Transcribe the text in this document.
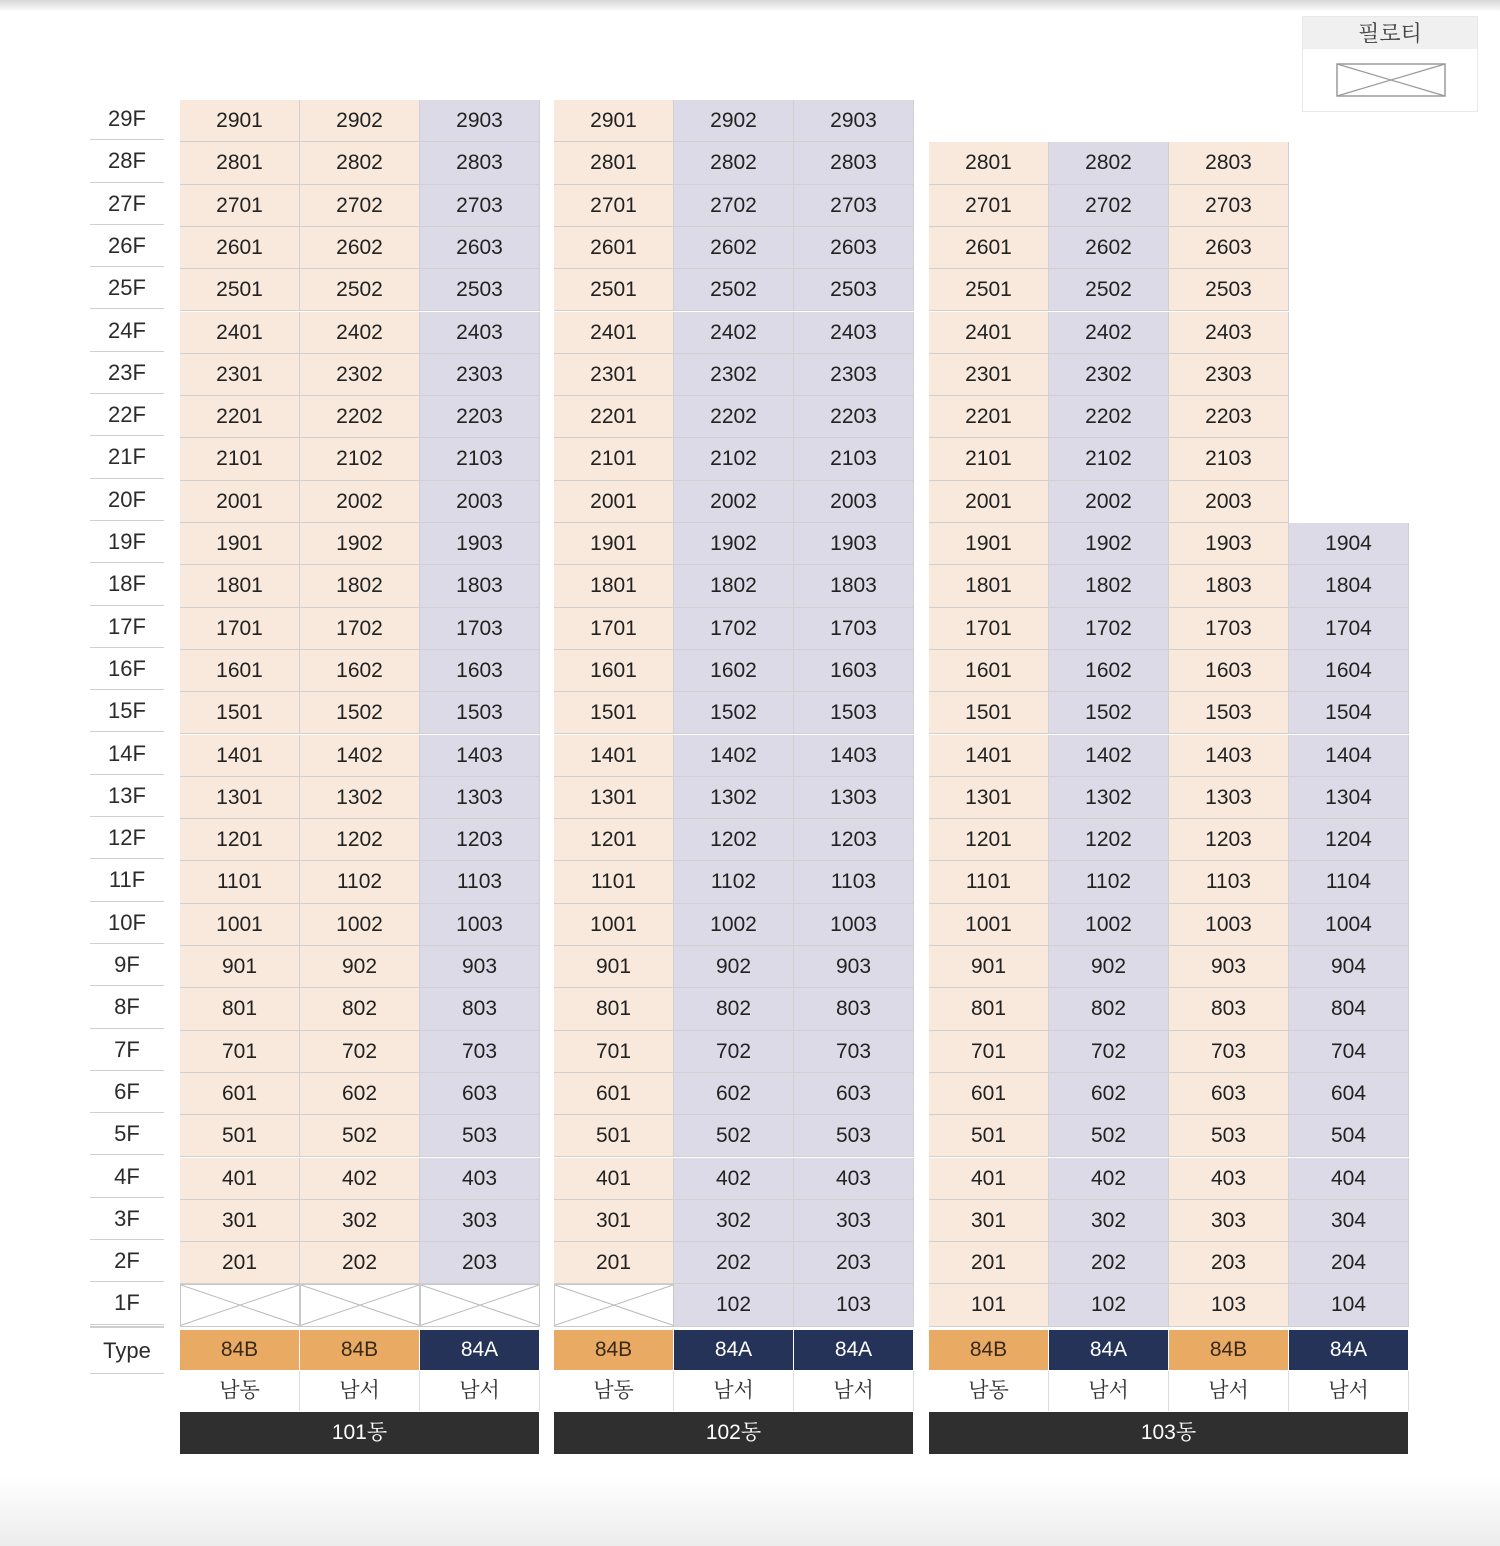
필로티
29F
28F
27F
26F
25F
24F
23F
22F
21F
20F
19F
18F
17F
16F
15F
14F
13F
12F
11F
10F
9F
8F
7F
6F
5F
4F
3F
2F
1F
2901
2801
2701
2601
2501
2401
2301
2201
2101
2001
1901
1801
1701
1601
1501
1401
1301
1201
1101
1001
901
801
701
601
501
401
301
201
84B
남동
2902
2802
2702
2602
2502
2402
2302
2202
2102
2002
1902
1802
1702
1602
1502
1402
1302
1202
1102
1002
902
802
702
602
502
402
302
202
84B
남서
2903
2803
2703
2603
2503
2403
2303
2203
2103
2003
1903
1803
1703
1603
1503
1403
1303
1203
1103
1003
903
803
703
603
503
403
303
203
84A
남서
101동
2901
2801
2701
2601
2501
2401
2301
2201
2101
2001
1901
1801
1701
1601
1501
1401
1301
1201
1101
1001
901
801
701
601
501
401
301
201
84B
남동
2902
2802
2702
2602
2502
2402
2302
2202
2102
2002
1902
1802
1702
1602
1502
1402
1302
1202
1102
1002
902
802
702
602
502
402
302
202
102
84A
남서
2903
2803
2703
2603
2503
2403
2303
2203
2103
2003
1903
1803
1703
1603
1503
1403
1303
1203
1103
1003
903
803
703
603
503
403
303
203
103
84A
남서
102동
2801
2701
2601
2501
2401
2301
2201
2101
2001
1901
1801
1701
1601
1501
1401
1301
1201
1101
1001
901
801
701
601
501
401
301
201
101
84B
남동
2802
2702
2602
2502
2402
2302
2202
2102
2002
1902
1802
1702
1602
1502
1402
1302
1202
1102
1002
902
802
702
602
502
402
302
202
102
84A
남서
2803
2703
2603
2503
2403
2303
2203
2103
2003
1903
1803
1703
1603
1503
1403
1303
1203
1103
1003
903
803
703
603
503
403
303
203
103
84B
남서
1904
1804
1704
1604
1504
1404
1304
1204
1104
1004
904
804
704
604
504
404
304
204
104
84A
남서
103동
Type
